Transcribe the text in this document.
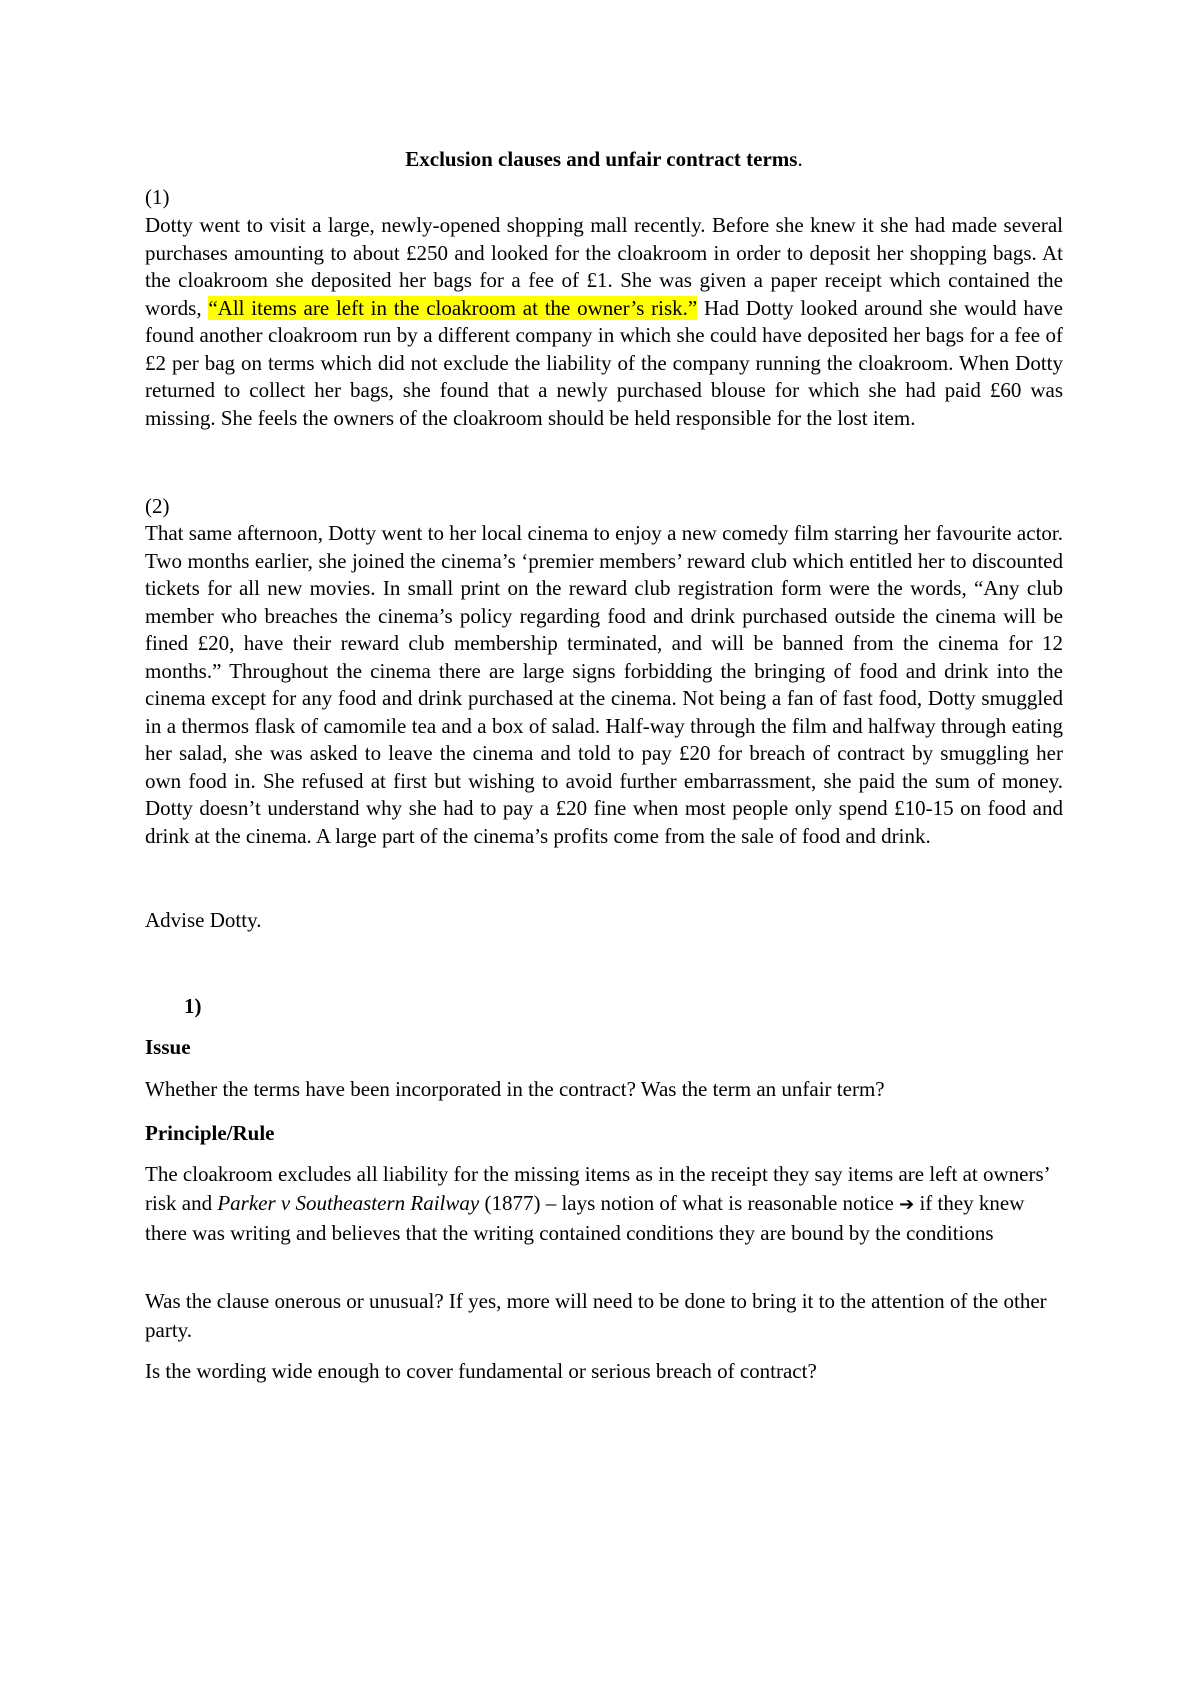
Exclusion clauses and unfair contract terms.
(1)
Dotty went to visit a large, newly-opened shopping mall recently. Before she knew it she had made several purchases amounting to about £250 and looked for the cloakroom in order to deposit her shopping bags. At the cloakroom she deposited her bags for a fee of £1. She was given a paper receipt which contained the words, “All items are left in the cloakroom at the owner’s risk.” Had Dotty looked around she would have found another cloakroom run by a different company in which she could have deposited her bags for a fee of £2 per bag on terms which did not exclude the liability of the company running the cloakroom. When Dotty returned to collect her bags, she found that a newly purchased blouse for which she had paid £60 was missing. She feels the owners of the cloakroom should be held responsible for the lost item.
(2)
That same afternoon, Dotty went to her local cinema to enjoy a new comedy film starring her favourite actor. Two months earlier, she joined the cinema’s ‘premier members’ reward club which entitled her to discounted tickets for all new movies. In small print on the reward club registration form were the words, “Any club member who breaches the cinema’s policy regarding food and drink purchased outside the cinema will be fined £20, have their reward club membership terminated, and will be banned from the cinema for 12 months.” Throughout the cinema there are large signs forbidding the bringing of food and drink into the cinema except for any food and drink purchased at the cinema. Not being a fan of fast food, Dotty smuggled in a thermos flask of camomile tea and a box of salad. Half-way through the film and halfway through eating her salad, she was asked to leave the cinema and told to pay £20 for breach of contract by smuggling her own food in. She refused at first but wishing to avoid further embarrassment, she paid the sum of money. Dotty doesn’t understand why she had to pay a £20 fine when most people only spend £10-15 on food and drink at the cinema. A large part of the cinema’s profits come from the sale of food and drink.
Advise Dotty.
1)
Issue
Whether the terms have been incorporated in the contract? Was the term an unfair term?
Principle/Rule
The cloakroom excludes all liability for the missing items as in the receipt they say items are left at owners’ risk and Parker v Southeastern Railway (1877) – lays notion of what is reasonable notice ➔ if they knew there was writing and believes that the writing contained conditions they are bound by the conditions
Was the clause onerous or unusual? If yes, more will need to be done to bring it to the attention of the other party.
Is the wording wide enough to cover fundamental or serious breach of contract?
